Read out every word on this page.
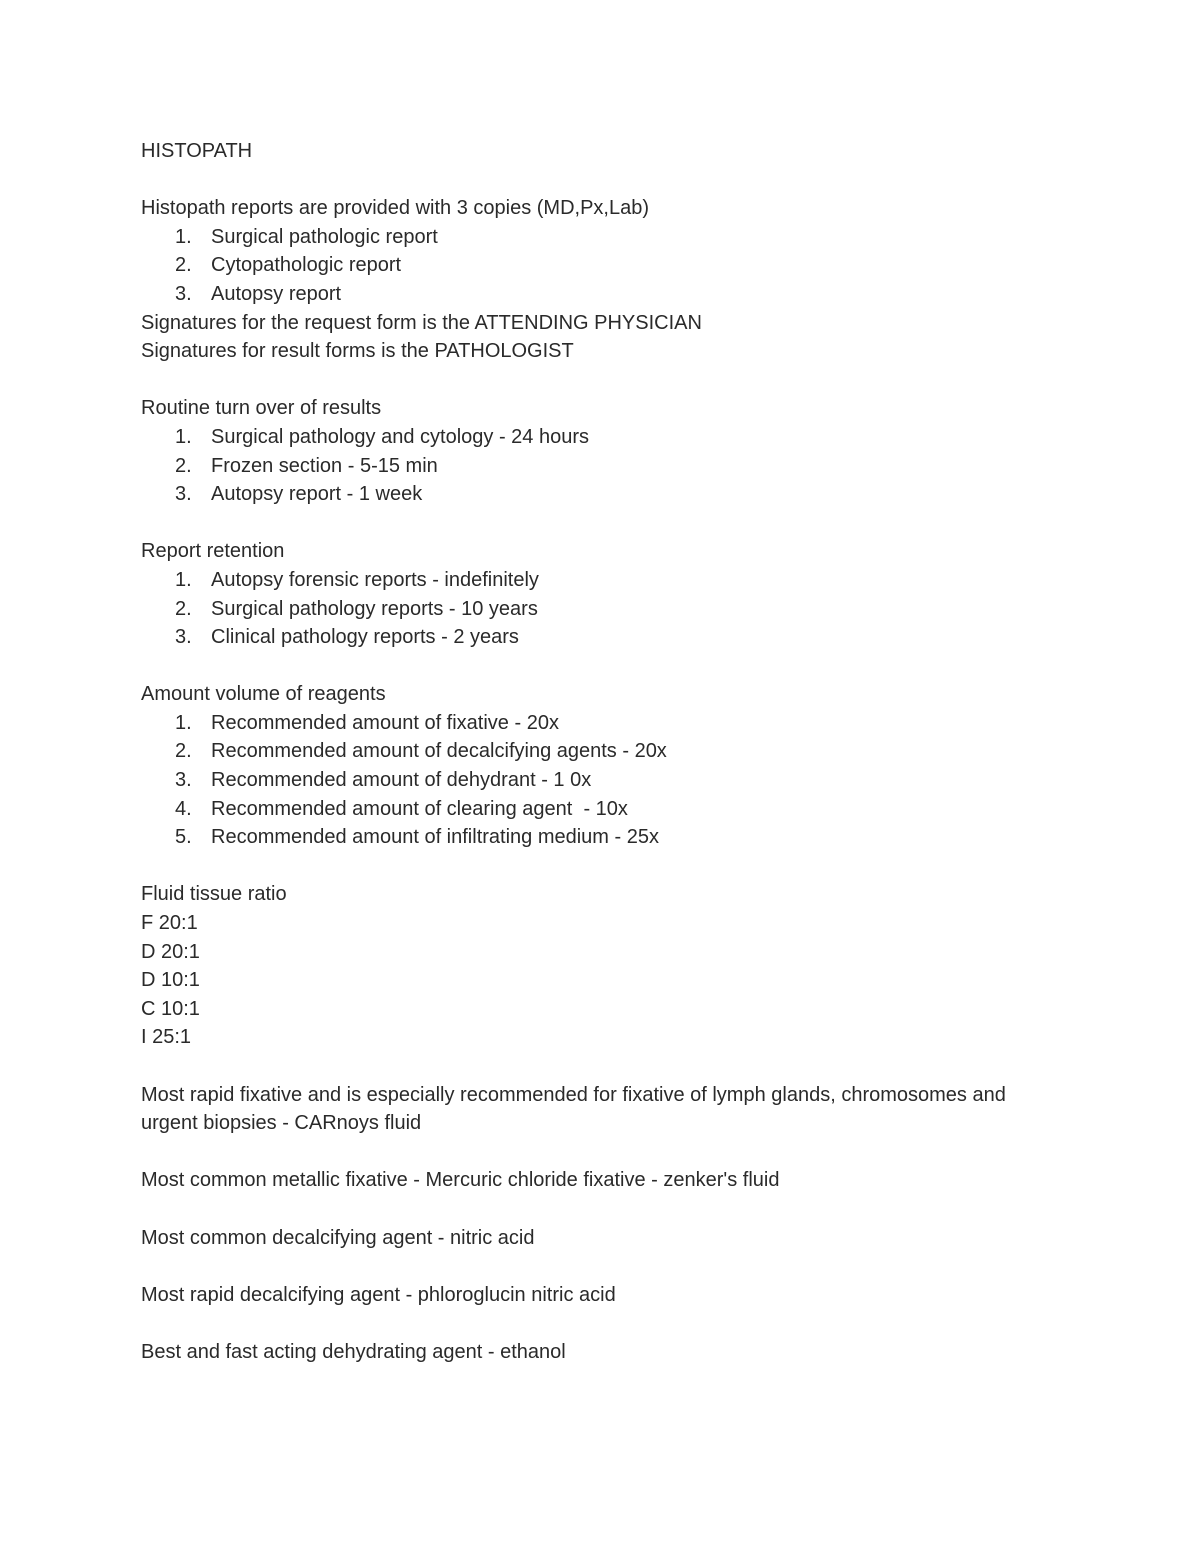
HISTOPATH

Histopath reports are provided with 3 copies (MD,Px,Lab)

1. Surgical pathologic report
2. Cytopathologic report
3. Autopsy report

Signatures for the request form is the ATTENDING PHYSICIAN

Signatures for result forms is the PATHOLOGIST

Routine turn over of results

1. Surgical pathology and cytology - 24 hours
2. Frozen section - 5-15 min
3. Autopsy report - 1 week

Report retention

1. Autopsy forensic reports - indefinitely
2. Surgical pathology reports - 10 years
3. Clinical pathology reports - 2 years

Amount volume of reagents

1. Recommended amount of fixative - 20x
2. Recommended amount of decalcifying agents - 20x
3. Recommended amount of dehydrant - 1 0x
4. Recommended amount of clearing agent  - 10x
5. Recommended amount of infiltrating medium - 25x

Fluid tissue ratio

F 20:1

D 20:1

D 10:1

C 10:1

I 25:1

Most rapid fixative and is especially recommended for fixative of lymph glands, chromosomes and urgent biopsies - CARnoys fluid

Most common metallic fixative - Mercuric chloride fixative - zenker's fluid

Most common decalcifying agent - nitric acid

Most rapid decalcifying agent - phloroglucin nitric acid

Best and fast acting dehydrating agent - ethanol
